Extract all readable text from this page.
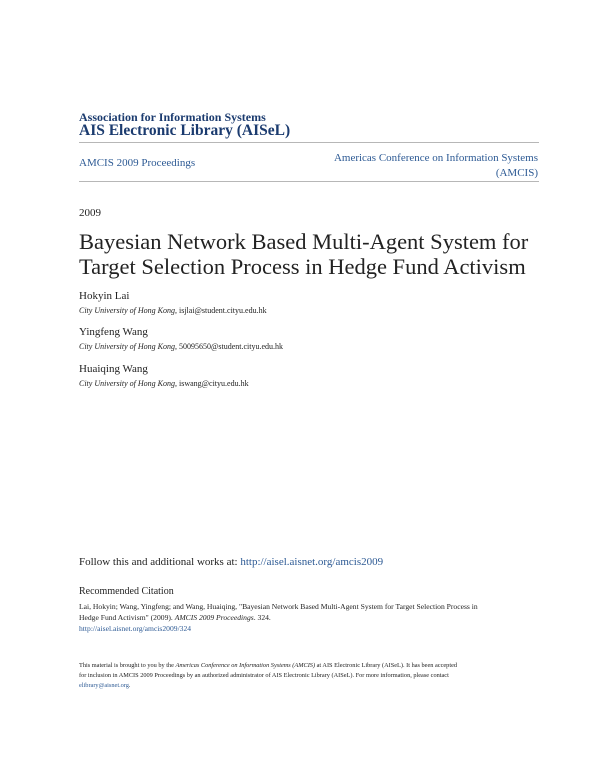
Association for Information Systems
AIS Electronic Library (AISeL)
AMCIS 2009 Proceedings	Americas Conference on Information Systems
(AMCIS)
2009
Bayesian Network Based Multi-Agent System for
Target Selection Process in Hedge Fund Activism
Hokyin Lai
City University of Hong Kong, isjlai@student.cityu.edu.hk
Yingfeng Wang
City University of Hong Kong, 50095650@student.cityu.edu.hk
Huaiqing Wang
City University of Hong Kong, iswang@cityu.edu.hk
Follow this and additional works at: http://aisel.aisnet.org/amcis2009
Recommended Citation
Lai, Hokyin; Wang, Yingfeng; and Wang, Huaiqing, "Bayesian Network Based Multi-Agent System for Target Selection Process in
Hedge Fund Activism" (2009). AMCIS 2009 Proceedings. 324.
http://aisel.aisnet.org/amcis2009/324
This material is brought to you by the Americas Conference on Information Systems (AMCIS) at AIS Electronic Library (AISeL). It has been accepted
for inclusion in AMCIS 2009 Proceedings by an authorized administrator of AIS Electronic Library (AISeL). For more information, please contact
elibrary@aisnet.org.
